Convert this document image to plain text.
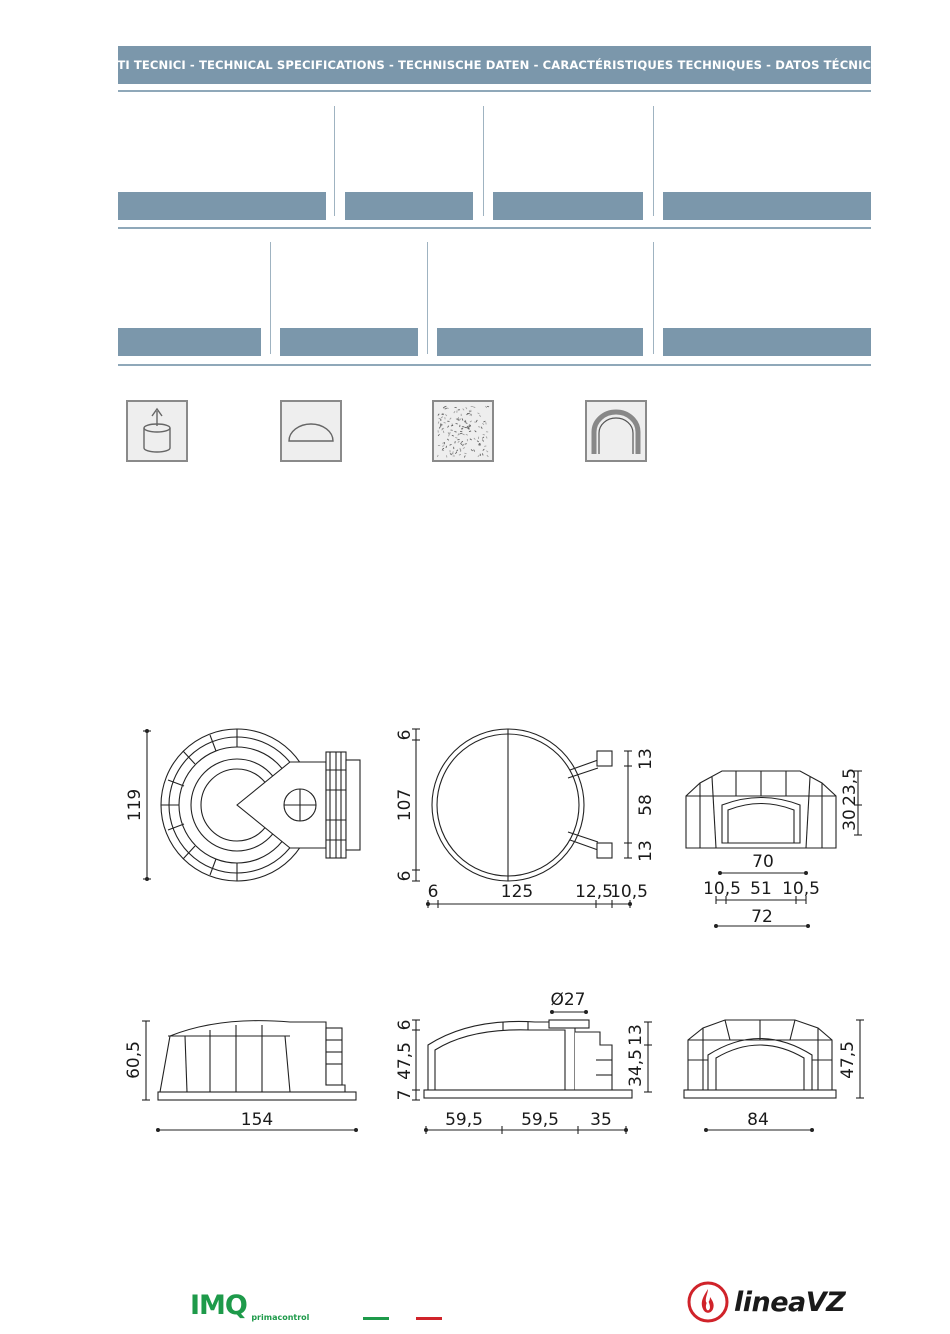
DATI TECNICI - TECHNICAL SPECIFICATIONS - TECHNISCHE DATEN - CARACTÉRISTIQUES TECHNIQUES - DATOS TÉCNICOS
119
6
107
6
13
58
13
6	125 12,5
10,5
70
10,5 51 10,5
72
30
23,5
60,5
154
Ø27
6
47,5
7
13
34,5
59,5 59,5 35
47,5
84
IMQ $_{primacontrol}$	lineaVZ
